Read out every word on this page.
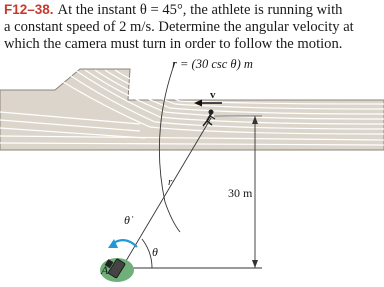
F12–38. At the instant θ = 45°, the athlete is running with
a constant speed of 2 m/s. Determine the angular velocity at
which the camera must turn in order to follow the motion.
r = (30 csc θ) m
v
r
30 m
θ
θ̇
A
